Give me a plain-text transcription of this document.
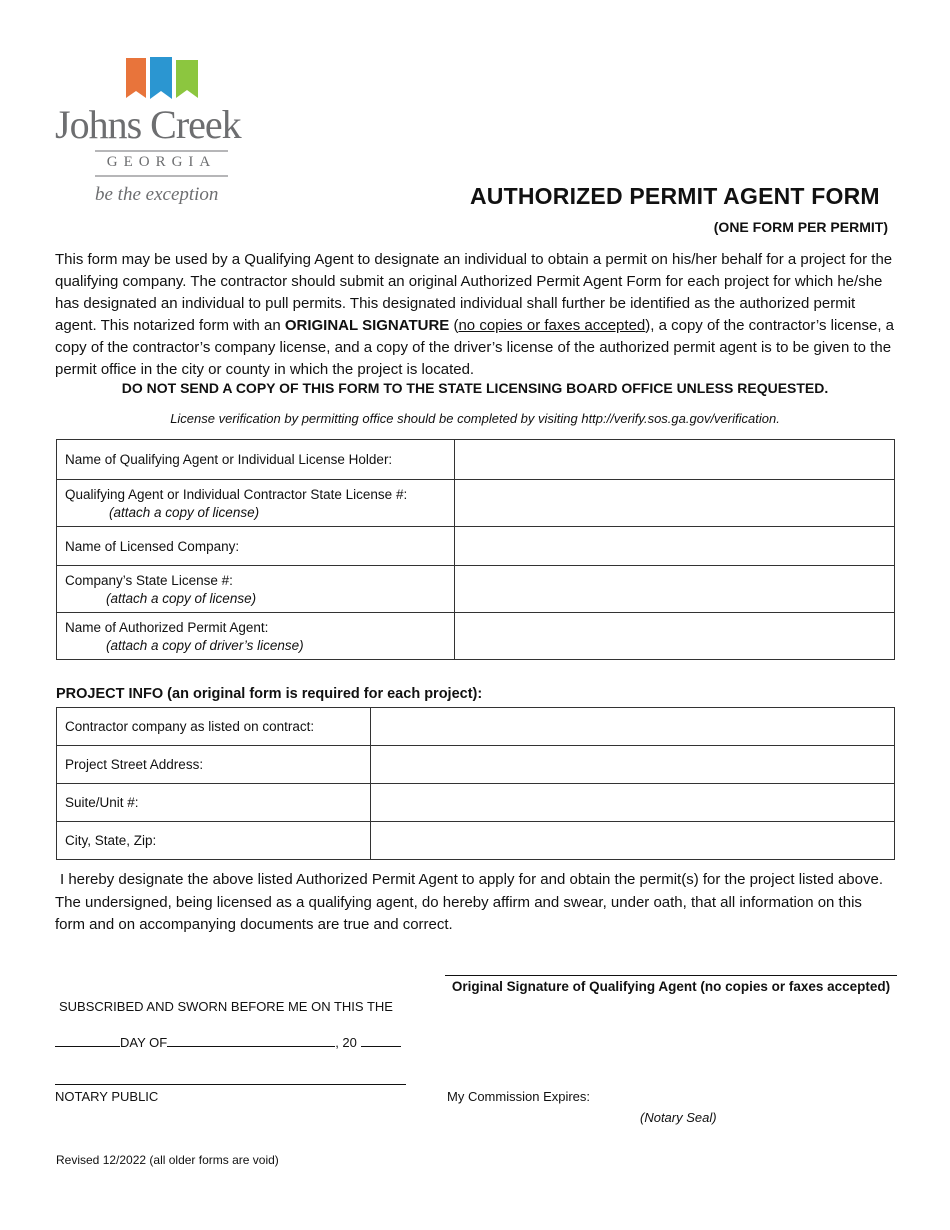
Johns Creek
GEORGIA
be the exception	AUTHORIZED PERMIT AGENT FORM
(ONE FORM PER PERMIT)
This form may be used by a Qualifying Agent to designate an individual to obtain a permit on his/her behalf for a project for the qualifying company. The contractor should submit an original Authorized Permit Agent Form for each project for which he/she has designated an individual to pull permits. This designated individual shall further be identified as the authorized permit agent. This notarized form with an ORIGINAL SIGNATURE (no copies or faxes accepted), a copy of the contractor’s license, a copy of the contractor’s company license, and a copy of the driver’s license of the authorized permit agent is to be given to the permit office in the city or county in which the project is located.
DO NOT SEND A COPY OF THIS FORM TO THE STATE LICENSING BOARD OFFICE UNLESS REQUESTED.
License verification by permitting office should be completed by visiting http://verify.sos.ga.gov/verification.
Name of Qualifying Agent or Individual License Holder:	
Qualifying Agent or Individual Contractor State License #:
(attach a copy of license)	

Name of Licensed Company:	
Company’s State License #:
(attach a copy of license)	

Name of Authorized Permit Agent:
(attach a copy of driver’s license)	

PROJECT INFO (an original form is required for each project):
Contractor company as listed on contract:	
Project Street Address:	
Suite/Unit #:	
City, State, Zip:	
I hereby designate the above listed Authorized Permit Agent to apply for and obtain the permit(s) for the project listed above. The undersigned, being licensed as a qualifying agent, do hereby affirm and swear, under oath, that all information on this form and on accompanying documents are true and correct.
Original Signature of Qualifying Agent (no copies or faxes accepted)
SUBSCRIBED AND SWORN BEFORE ME ON THIS THE
DAY OF	, 20
NOTARY PUBLIC	My Commission Expires:
(Notary Seal)
Revised 12/2022 (all older forms are void)
